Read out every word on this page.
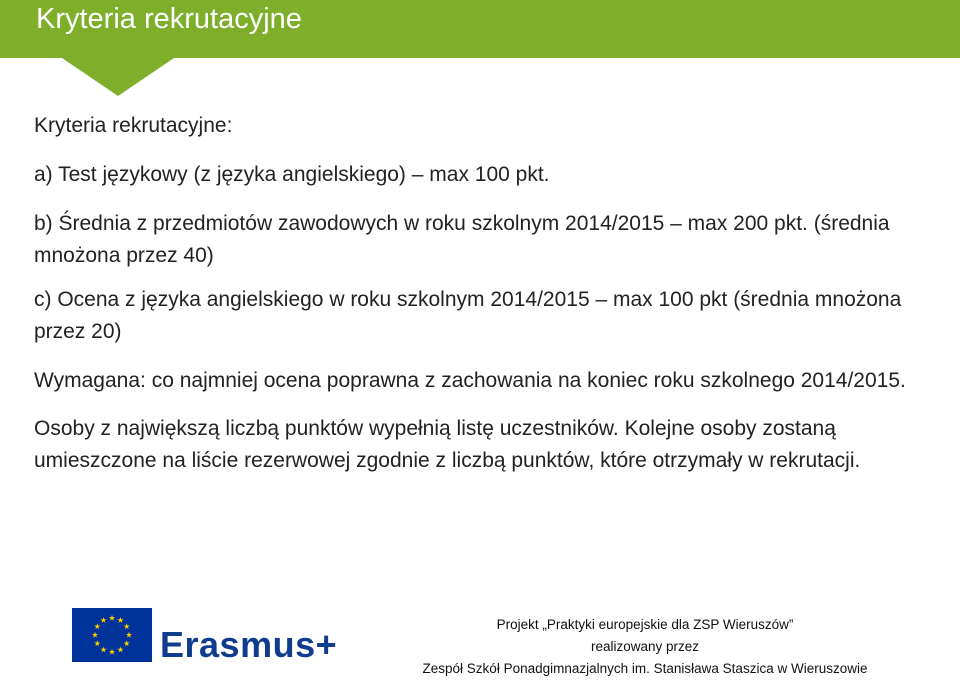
Kryteria rekrutacyjne

Kryteria rekrutacyjne:

a) Test językowy (z języka angielskiego) – max 100 pkt.

b) Średnia z przedmiotów zawodowych w roku szkolnym 2014/2015 – max 200 pkt. (średnia mnożona przez 40)

c) Ocena z języka angielskiego w roku szkolnym 2014/2015 – max 100 pkt (średnia mnożona przez 20)

Wymagana: co najmniej ocena poprawna z zachowania na koniec roku szkolnego 2014/2015.

Osoby z największą liczbą punktów wypełnią listę uczestników. Kolejne osoby zostaną umieszczone na liście rezerwowej zgodnie z liczbą punktów, które otrzymały w rekrutacji.

Erasmus+	Projekt „Praktyki europejskie dla ZSP Wieruszów”
realizowany przez
Zespół Szkół Ponadgimnazjalnych im. Stanisława Staszica w Wieruszowie
